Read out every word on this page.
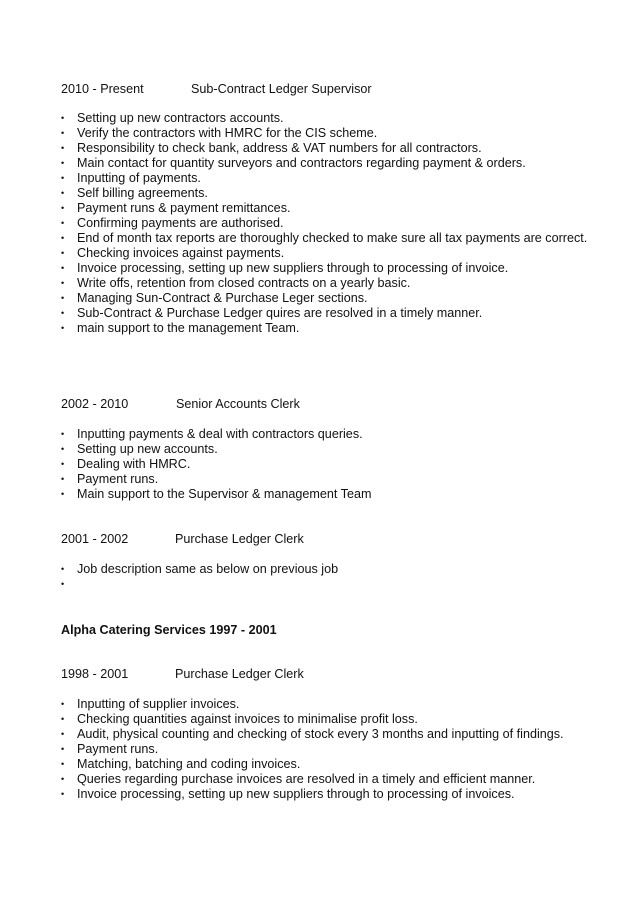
2010 - Present	Sub-Contract Ledger Supervisor
• Setting up new contractors accounts.
• Verify the contractors with HMRC for the CIS scheme.
• Responsibility to check bank, address & VAT numbers for all contractors.
• Main contact for quantity surveyors and contractors regarding payment & orders.
• Inputting of payments.
• Self billing agreements.
• Payment runs & payment remittances.
• Confirming payments are authorised.
• End of month tax reports are thoroughly checked to make sure all tax payments are correct.
• Checking invoices against payments.
• Invoice processing, setting up new suppliers through to processing of invoice.
• Write offs, retention from closed contracts on a yearly basic.
• Managing Sun-Contract & Purchase Leger sections.
• Sub-Contract & Purchase Ledger quires are resolved in a timely manner.
• main support to the management Team.
2002 - 2010	Senior Accounts Clerk
• Inputting payments & deal with contractors queries.
• Setting up new accounts.
• Dealing with HMRC.
• Payment runs.
• Main support to the Supervisor & management Team
2001 - 2002	Purchase Ledger Clerk
• Job description same as below on previous job
•
Alpha Catering Services 1997 - 2001
1998 - 2001	Purchase Ledger Clerk
• Inputting of supplier invoices.
• Checking quantities against invoices to minimalise profit loss.
• Audit, physical counting and checking of stock every 3 months and inputting of findings.
• Payment runs.
• Matching, batching and coding invoices.
• Queries regarding purchase invoices are resolved in a timely and efficient manner.
• Invoice processing, setting up new suppliers through to processing of invoices.
